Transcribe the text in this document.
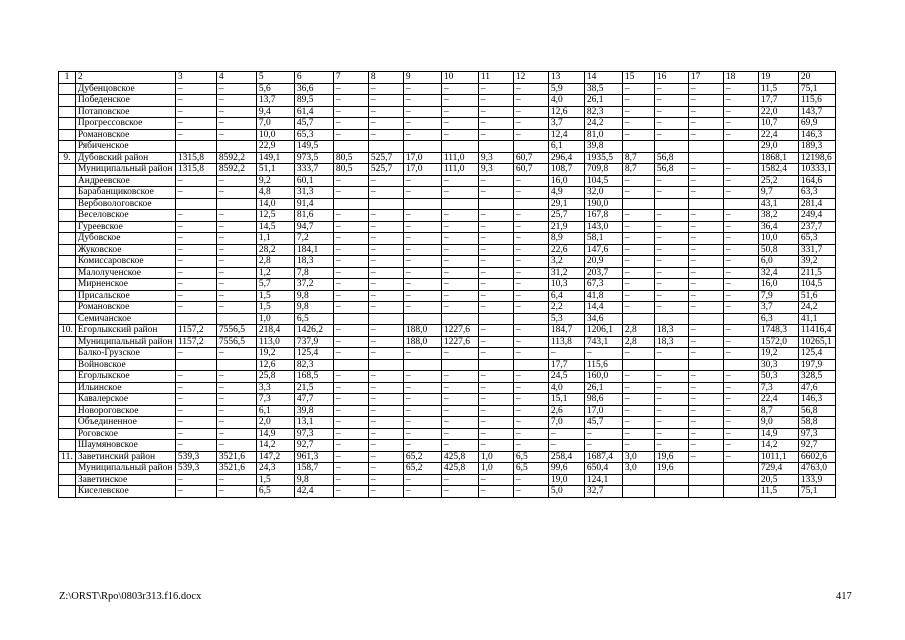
1	2	3	4	5	6	7	8	9	10	11	12	13	14	15	16	17	18	19	20
	Дубенцовское	–	–	5,6	36,6	–	–	–	–	–	–	5,9	38,5	–	–	–	–	11,5	75,1
	Победенское	–	–	13,7	89,5	–	–	–	–	–	–	4,0	26,1	–	–	–	–	17,7	115,6
	Потаповское	–	–	9,4	61,4	–	–	–	–	–	–	12,6	82,3	–	–	–	–	22,0	143,7
	Прогрессовское	–	–	7,0	45,7	–	–	–	–	–	–	3,7	24,2	–	–	–	–	10,7	69,9
	Романовское	–	–	10,0	65,3	–	–	–	–	–	–	12,4	81,0	–	–	–	–	22,4	146,3
	Рябиченское			22,9	149,5							6,1	39,8					29,0	189,3
9.	Дубовский район	1315,8	8592,2	149,1	973,5	80,5	525,7	17,0	111,0	9,3	60,7	296,4	1935,5	8,7	56,8			1868,1	12198,6
	Муниципальный район	1315,8	8592,2	51,1	333,7	80,5	525,7	17,0	111,0	9,3	60,7	108,7	709,8	8,7	56,8	–	–	1582,4	10333,1
	Андреевское	–	–	9,2	60,1	–	–	–	–	–	–	16,0	104,5	–	–	–	–	25,2	164,6
	Барабанщиковское	–	–	4,8	31,3	–	–	–	–	–	–	4,9	32,0	–	–	–	–	9,7	63,3
	Вербовологовское			14,0	91,4							29,1	190,0					43,1	281,4
	Веселовское	–	–	12,5	81,6	–	–	–	–	–	–	25,7	167,8	–	–	–	–	38,2	249,4
	Гуреевское	–	–	14,5	94,7	–	–	–	–	–	–	21,9	143,0	–	–	–	–	36,4	237,7
	Дубовское	–	–	1,1	7,2	–	–	–	–	–	–	8,9	58,1	–	–	–	–	10,0	65,3
	Жуковское	–	–	28,2	184,1	–	–	–	–	–	–	22,6	147,6	–	–	–	–	50,8	331,7
	Комиссаровское	–	–	2,8	18,3	–	–	–	–	–	–	3,2	20,9	–	–	–	–	6,0	39,2
	Малолученское	–	–	1,2	7,8	–	–	–	–	–	–	31,2	203,7	–	–	–	–	32,4	211,5
	Мирненское	–	–	5,7	37,2	–	–	–	–	–	–	10,3	67,3	–	–	–	–	16,0	104,5
	Присальское	–	–	1,5	9,8	–	–	–	–	–	–	6,4	41,8	–	–	–	–	7,9	51,6
	Романовское	–	–	1,5	9,8	–	–	–	–	–	–	2,2	14,4	–	–	–	–	3,7	24,2
	Семичанское			1,0	6,5							5,3	34,6					6,3	41,1
10.	Егорлыкский район	1157,2	7556,5	218,4	1426,2	–	–	188,0	1227,6	–	–	184,7	1206,1	2,8	18,3	–	–	1748,3	11416,4
	Муниципальный район	1157,2	7556,5	113,0	737,9	–	–	188,0	1227,6	–	–	113,8	743,1	2,8	18,3	–	–	1572,0	10265,1
	Балко-Грузское	–	–	19,2	125,4	–	–	–	–	–	–	–	–	–	–	–	–	19,2	125,4
	Войновское			12,6	82,3							17,7	115,6					30,3	197,9
	Егорлыкское	–	–	25,8	168,5	–	–	–	–	–	–	24,5	160,0	–	–	–	–	50,3	328,5
	Ильинское	–	–	3,3	21,5	–	–	–	–	–	–	4,0	26,1	–	–	–	–	7,3	47,6
	Кавалерское	–	–	7,3	47,7	–	–	–	–	–	–	15,1	98,6	–	–	–	–	22,4	146,3
	Новороговское	–	–	6,1	39,8	–	–	–	–	–	–	2,6	17,0	–	–	–	–	8,7	56,8
	Объединенное	–	–	2,0	13,1	–	–	–	–	–	–	7,0	45,7	–	–	–	–	9,0	58,8
	Роговское	–	–	14,9	97,3	–	–	–	–	–	–	–	–	–	–	–	–	14,9	97,3
	Шаумяновское	–	–	14,2	92,7	–	–	–	–	–	–	–	–	–	–	–	–	14,2	92,7
11.	Заветинский район	539,3	3521,6	147,2	961,3	–	–	65,2	425,8	1,0	6,5	258,4	1687,4	3,0	19,6	–	–	1011,1	6602,6
	Муниципальный район	539,3	3521,6	24,3	158,7	–	–	65,2	425,8	1,0	6,5	99,6	650,4	3,0	19,6			729,4	4763,0
	Заветинское	–	–	1,5	9,8	–	–	–	–	–	–	19,0	124,1					20,5	133,9
	Киселевское	–	–	6,5	42,4	–	–	–	–	–	–	5,0	32,7					11,5	75,1
Z:\ORST\Rpo\0803r313.f16.docx	417
